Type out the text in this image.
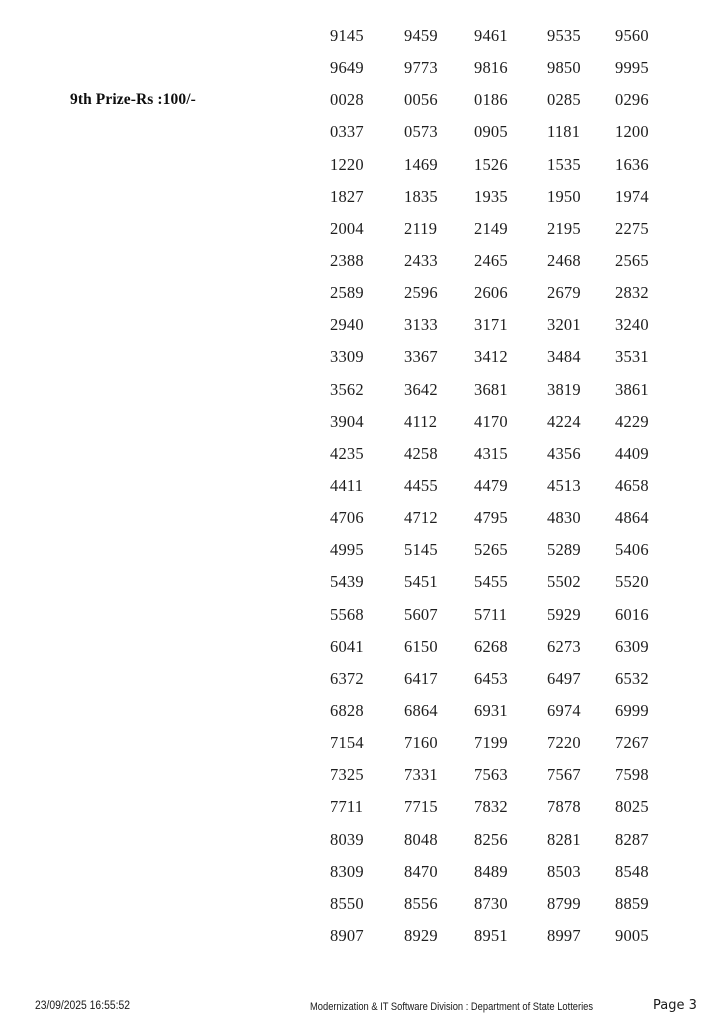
9th Prize-Rs :100/-
9145 9459 9461 9535 9560
9649 9773 9816 9850 9995
0028 0056 0186 0285 0296
0337 0573 0905 1181 1200
1220 1469 1526 1535 1636
1827 1835 1935 1950 1974
2004 2119 2149 2195 2275
2388 2433 2465 2468 2565
2589 2596 2606 2679 2832
2940 3133 3171 3201 3240
3309 3367 3412 3484 3531
3562 3642 3681 3819 3861
3904 4112 4170 4224 4229
4235 4258 4315 4356 4409
4411 4455 4479 4513 4658
4706 4712 4795 4830 4864
4995 5145 5265 5289 5406
5439 5451 5455 5502 5520
5568 5607 5711 5929 6016
6041 6150 6268 6273 6309
6372 6417 6453 6497 6532
6828 6864 6931 6974 6999
7154 7160 7199 7220 7267
7325 7331 7563 7567 7598
7711 7715 7832 7878 8025
8039 8048 8256 8281 8287
8309 8470 8489 8503 8548
8550 8556 8730 8799 8859
8907 8929 8951 8997 9005
23/09/2025 16:55:52	Modernization & IT Software Division : Department of State Lotteries	Page 3
